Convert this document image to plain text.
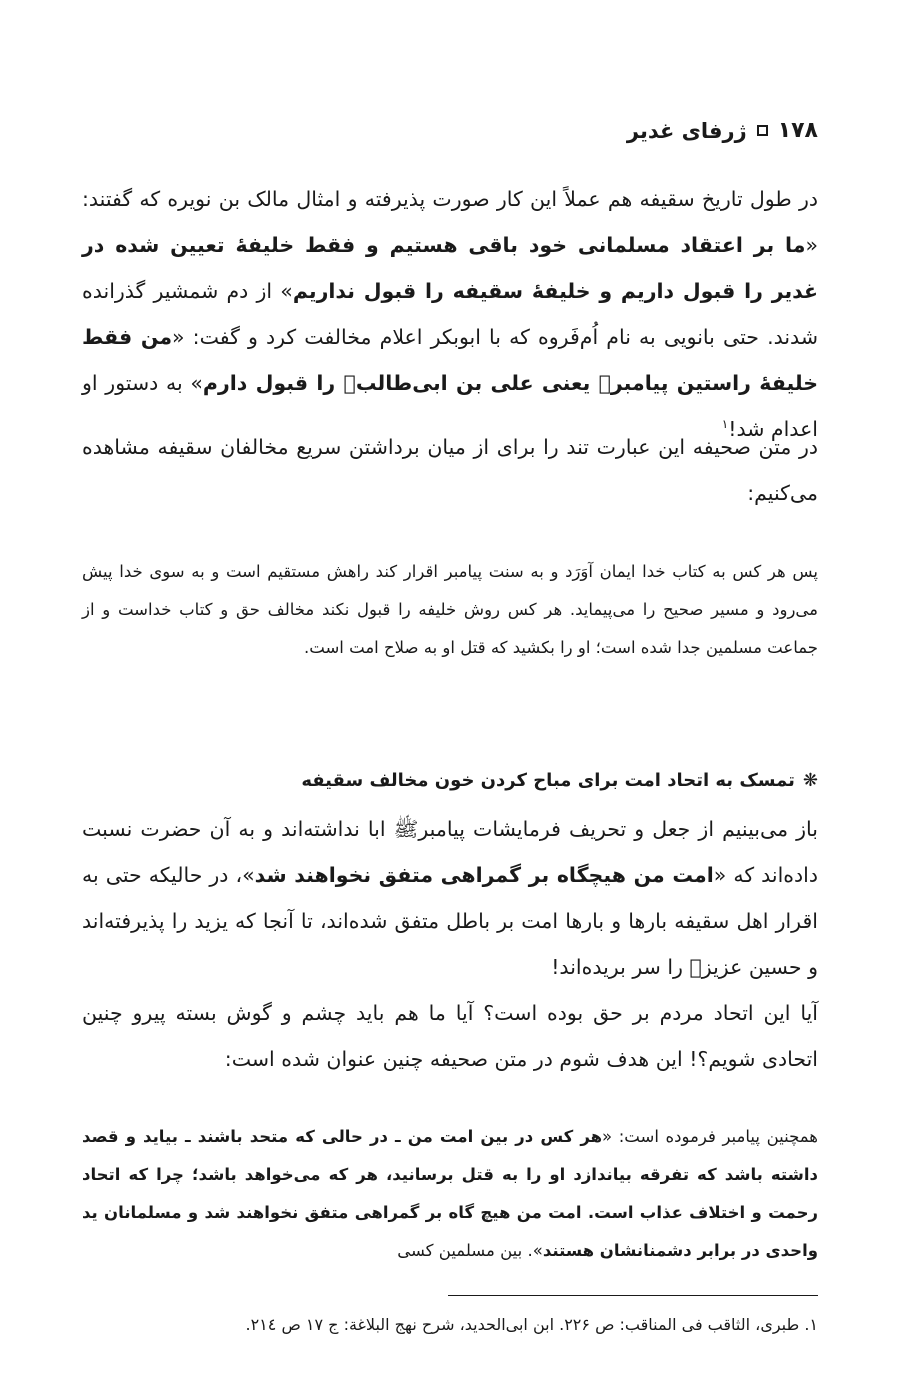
۱۷۸
ژرفای غدیر

در طول تاریخ سقیفه هم عملاً این کار صورت پذیرفته و امثال مالک بن نویره که گفتند: «ما بر اعتقاد مسلمانی خود باقی هستیم و فقط خلیفهٔ تعیین شده در غدیر را قبول داریم و خلیفهٔ سقیفه را قبول نداریم» از دم شمشیر گذرانده شدند. حتی بانویی به نام اُم‌فَروه که با ابوبکر اعلام مخالفت کرد و گفت: «من فقط خلیفهٔ راستین پیامبرﷺ یعنی علی بن ابی‌طالبؑ را قبول دارم» به دستور او اعدام شد!$^۱$

در متن صحیفه این عبارت تند را برای از میان برداشتن سریع مخالفان سقیفه مشاهده می‌کنیم:

پس هر کس به کتاب خدا ایمان آوَرَد و به سنت پیامبر اقرار کند راهش مستقیم است و به سوی خدا پیش می‌رود و مسیر صحیح را می‌پیماید. هر کس روش خلیفه را قبول نکند مخالف حق و کتاب خداست و از جماعت مسلمین جدا شده است؛ او را بکشید که قتل او به صلاح امت است.

❋تمسک به اتحاد امت برای مباح کردن خون مخالف سقیفه

باز می‌بینیم از جعل و تحریف فرمایشات پیامبرﷺ ابا نداشته‌اند و به آن حضرت نسبت داده‌اند که «امت من هیچگاه بر گمراهی متفق نخواهند شد»، در حالیکه حتی به اقرار اهل سقیفه بارها و بارها امت بر باطل متفق شده‌اند، تا آنجا که یزید را پذیرفته‌اند و حسین عزیزؑ را سر بریده‌اند!

آیا این اتحاد مردم بر حق بوده است؟ آیا ما هم باید چشم و گوش بسته پیرو چنین اتحادی شویم؟! این هدف شوم در متن صحیفه چنین عنوان شده است:

همچنین پیامبر فرموده است: «هر کس در بین امت من ـ در حالی که متحد باشند ـ بیاید و قصد داشته باشد که تفرقه بیاندازد او را به قتل برسانید، هر که می‌خواهد باشد؛ چرا که اتحاد رحمت و اختلاف عذاب است. امت من هیچ گاه بر گمراهی متفق نخواهند شد و مسلمانان ید واحدی در برابر دشمنانشان هستند». بین مسلمین کسی

۱. طبری، الثاقب فی المناقب: ص ۲۲۶. ابن ابی‌الحدید، شرح نهج البلاغة: ج ۱۷ ص ۲۱٤.
